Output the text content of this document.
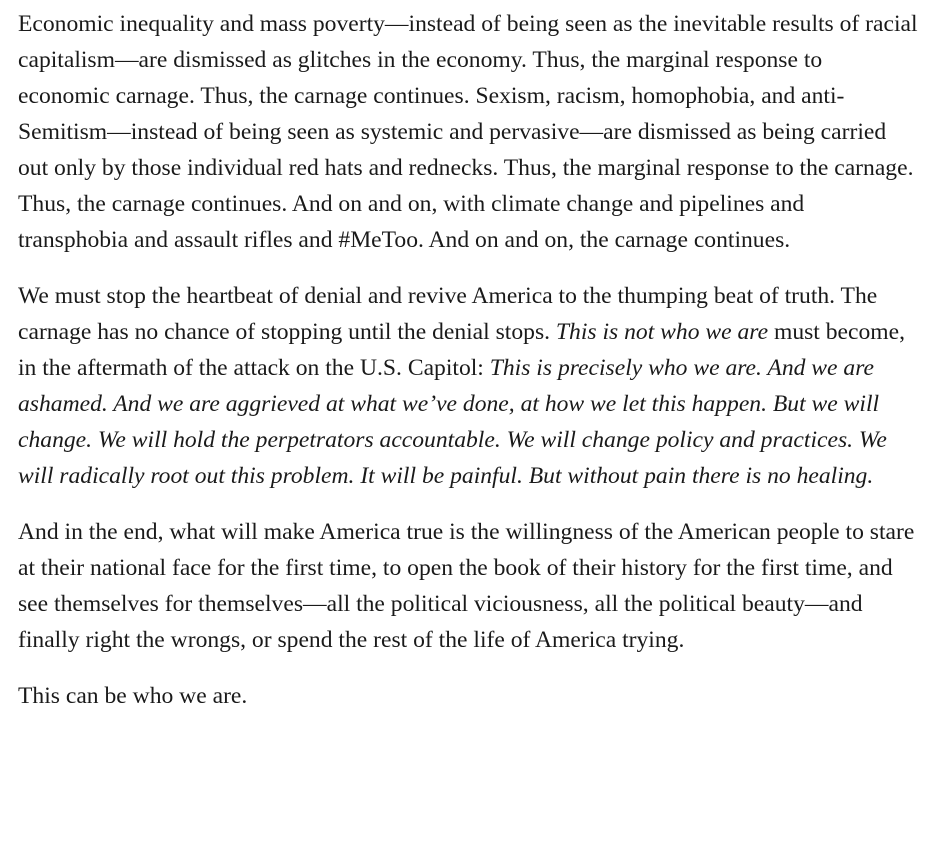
Economic inequality and mass poverty—instead of being seen as the inevitable results of racial capitalism—are dismissed as glitches in the economy. Thus, the marginal response to economic carnage. Thus, the carnage continues. Sexism, racism, homophobia, and anti-Semitism—instead of being seen as systemic and pervasive—are dismissed as being carried out only by those individual red hats and rednecks. Thus, the marginal response to the carnage. Thus, the carnage continues. And on and on, with climate change and pipelines and transphobia and assault rifles and #MeToo. And on and on, the carnage continues.

We must stop the heartbeat of denial and revive America to the thumping beat of truth. The carnage has no chance of stopping until the denial stops. This is not who we are must become, in the aftermath of the attack on the U.S. Capitol: This is precisely who we are. And we are ashamed. And we are aggrieved at what we’ve done, at how we let this happen. But we will change. We will hold the perpetrators accountable. We will change policy and practices. We will radically root out this problem. It will be painful. But without pain there is no healing.

And in the end, what will make America true is the willingness of the American people to stare at their national face for the first time, to open the book of their history for the first time, and see themselves for themselves—all the political viciousness, all the political beauty—and finally right the wrongs, or spend the rest of the life of America trying.

This can be who we are.
